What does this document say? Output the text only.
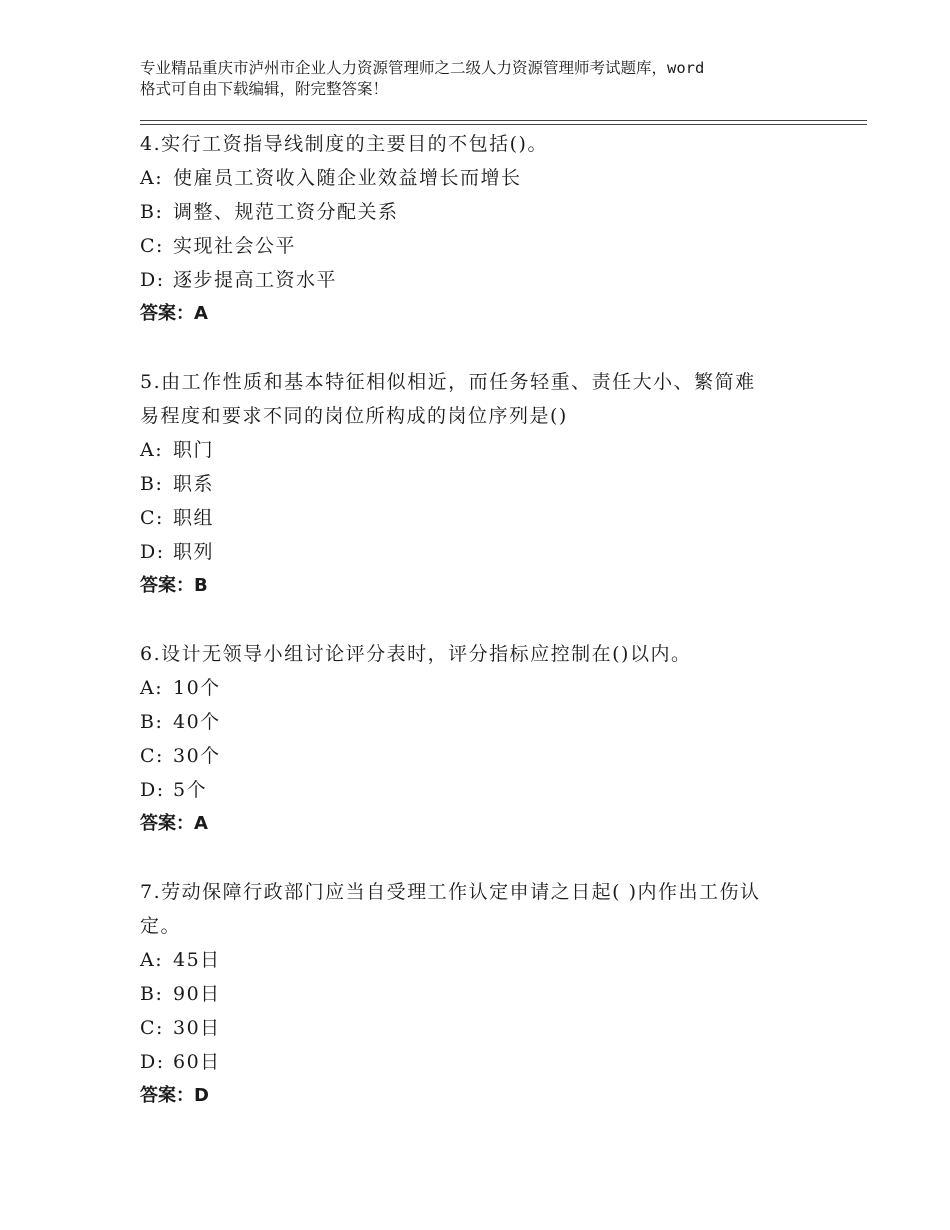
专业精品重庆市泸州市企业人力资源管理师之二级人力资源管理师考试题库，word
格式可自由下载编辑，附完整答案！
4.实行工资指导线制度的主要目的不包括()。
A: 使雇员工资收入随企业效益增长而增长
B: 调整、规范工资分配关系
C: 实现社会公平
D: 逐步提高工资水平
答案：A
5.由工作性质和基本特征相似相近，而任务轻重、责任大小、繁简难
易程度和要求不同的岗位所构成的岗位序列是()
A: 职门
B: 职系
C: 职组
D: 职列
答案：B
6.设计无领导小组讨论评分表时，评分指标应控制在()以内。
A: 10个
B: 40个
C: 30个
D: 5个
答案：A
7.劳动保障行政部门应当自受理工作认定申请之日起( )内作出工伤认
定。
A: 45日
B: 90日
C: 30日
D: 60日
答案：D
